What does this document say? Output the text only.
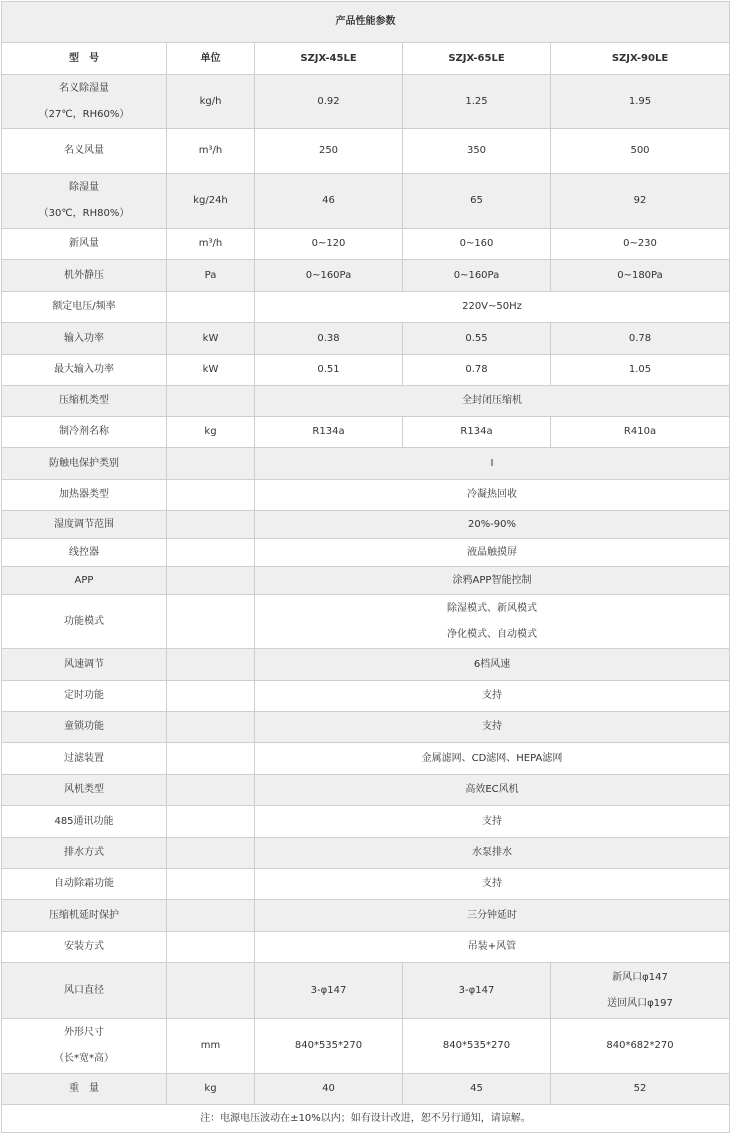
产品性能参数				
型　号	单位	SZJX-45LE	SZJX-65LE	SZJX-90LE
名义除湿量
（27℃，RH60%）	kg/h	0.92	1.25	1.95
名义风量	m³/h	250	350	500
除湿量
（30℃，RH80%）	kg/24h	46	65	92
新风量	m³/h	0~120	0~160	0~230
机外静压	Pa	0~160Pa	0~160Pa	0~180Pa
额定电压/频率		220V~50Hz		
输入功率	kW	0.38	0.55	0.78
最大输入功率	kW	0.51	0.78	1.05
压缩机类型		全封闭压缩机		
制冷剂名称	kg	R134a	R134a	R410a
防触电保护类别		I		
加热器类型		冷凝热回收		
湿度调节范围		20%-90%		
线控器		液晶触摸屏		
APP		涂鸦APP智能控制		
功能模式		除湿模式、新风模式
净化模式、自动模式		

风速调节		6档风速		
定时功能		支持		
童锁功能		支持		
过滤装置		金属滤网、CD滤网、HEPA滤网		
风机类型		高效EC风机		
485通讯功能		支持		
排水方式		水泵排水		
自动除霜功能		支持		
压缩机延时保护		三分钟延时		
安装方式		吊装+风管		
风口直径		3-φ147	3-φ147	新风口φ147
送回风口φ197

外形尺寸
（长*宽*高）	mm	840*535*270	840*535*270	840*682*270
重　量	kg	40	45	52
注：电源电压波动在±10%以内；如有设计改进，恕不另行通知，请谅解。				
